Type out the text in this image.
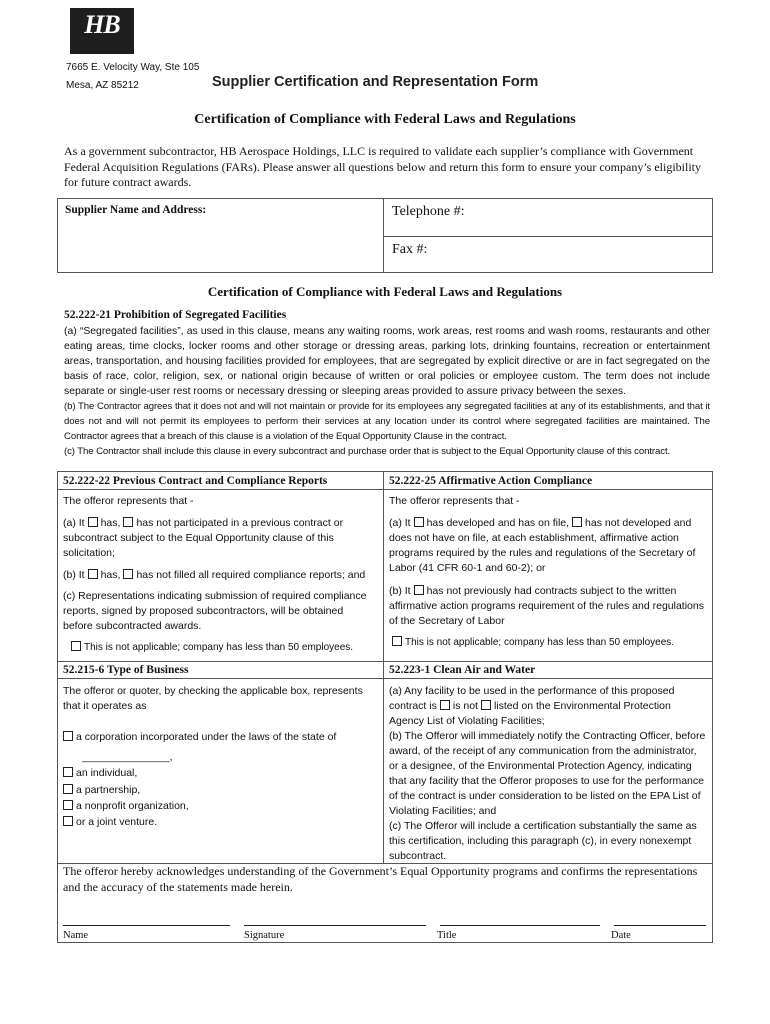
HB
AEROSPACE
7665 E. Velocity Way, Ste 105
Mesa, AZ 85212	Supplier Certification and Representation Form
Certification of Compliance with Federal Laws and Regulations
As a government subcontractor, HB Aerospace Holdings, LLC is required to validate each supplier’s compliance with Government Federal Acquisition Regulations (FARs). Please answer all questions below and return this form to ensure your company’s eligibility for future contract awards.
Supplier Name and Address:	Telephone #:
Fax #:
Certification of Compliance with Federal Laws and Regulations
52.222-21 Prohibition of Segregated Facilities
(a) “Segregated facilities”, as used in this clause, means any waiting rooms, work areas, rest rooms and wash rooms, restaurants and other eating areas, time clocks, locker rooms and other storage or dressing areas, parking lots, drinking fountains, recreation or entertainment areas, transportation, and housing facilities provided for employees, that are segregated by explicit directive or are in fact segregated on the basis of race, color, religion, sex, or national origin because of written or oral policies or employee custom. The term does not include separate or single-user rest rooms or necessary dressing or sleeping areas provided to assure privacy between the sexes.
(b) The Contractor agrees that it does not and will not maintain or provide for its employees any segregated facilities at any of its establishments, and that it does not and will not permit its employees to perform their services at any location under its control where segregated facilities are maintained. The Contractor agrees that a breach of this clause is a violation of the Equal Opportunity Clause in the contract.
(c) The Contractor shall include this clause in every subcontract and purchase order that is subject to the Equal Opportunity clause of this contract.
52.222-22 Previous Contract and Compliance Reports
The offeror represents that -
(a) It has, has not participated in a previous contract or subcontract subject to the Equal Opportunity clause of this solicitation;
(b) It has, has not filled all required compliance reports; and
(c) Representations indicating submission of required compliance reports, signed by proposed subcontractors, will be obtained before subcontracted awards.
This is not applicable; company has less than 50 employees.
52.222-25 Affirmative Action Compliance
The offeror represents that -
(a) It has developed and has on file, has not developed and does not have on file, at each establishment, affirmative action programs required by the rules and regulations of the Secretary of Labor (41 CFR 60-1 and 60-2); or
(b) It has not previously had contracts subject to the written affirmative action programs requirement of the rules and regulations of the Secretary of Labor
This is not applicable; company has less than 50 employees.
52.215-6 Type of Business
The offeror or quoter, by checking the applicable box, represents that it operates as
a corporation incorporated under the laws of the state of
_______________,
an individual,
a partnership,
a nonprofit organization,
or a joint venture.
52.223-1 Clean Air and Water
(a) Any facility to be used in the performance of this proposed contract is is not listed on the Environmental Protection Agency List of Violating Facilities;
(b) The Offeror will immediately notify the Contracting Officer, before award, of the receipt of any communication from the administrator, or a designee, of the Environmental Protection Agency, indicating that any facility that the Offeror proposes to use for the performance of the contract is under consideration to be listed on the EPA List of Violating Facilities; and
(c) The Offeror will include a certification substantially the same as this certification, including this paragraph (c), in every nonexempt subcontract.
The offeror hereby acknowledges understanding of the Government’s Equal Opportunity programs and confirms the representations and the accuracy of the statements made herein.
Name	Signature	Title	Date
